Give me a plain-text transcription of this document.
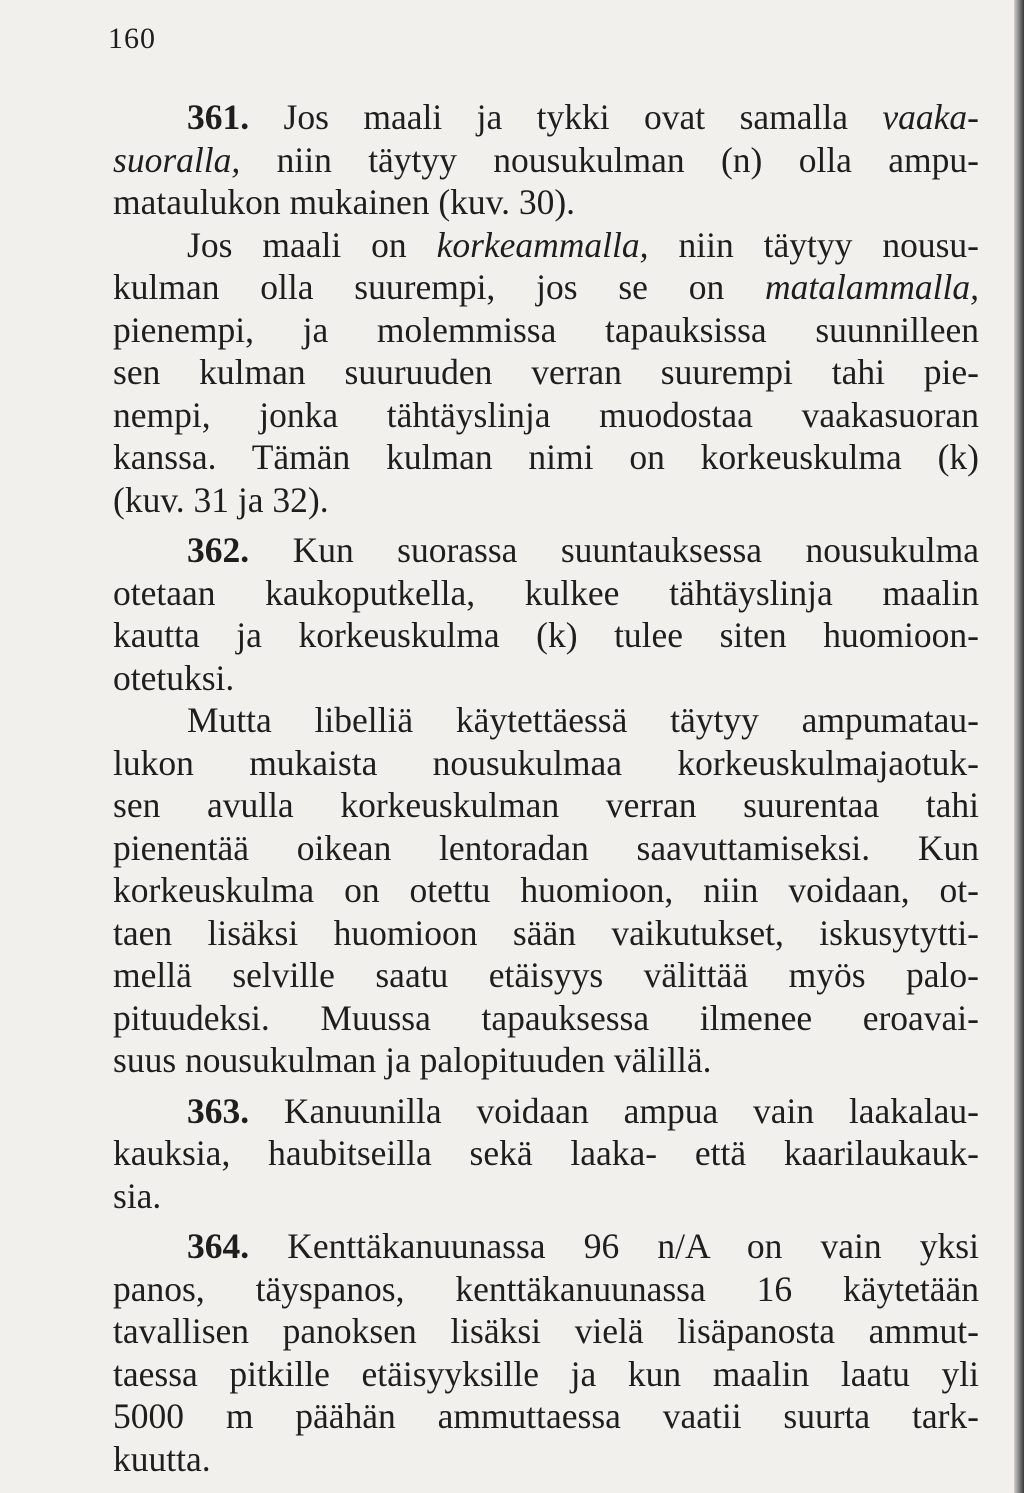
160
361. Jos maali ja tykki ovat samalla vaaka-
suoralla, niin täytyy nousukulman (n) olla ampu-
mataulukon mukainen (kuv. 30).
Jos maali on korkeammalla, niin täytyy nousu-
kulman olla suurempi, jos se on matalammalla,
pienempi, ja molemmissa tapauksissa suunnilleen
sen kulman suuruuden verran suurempi tahi pie-
nempi, jonka tähtäyslinja muodostaa vaakasuoran
kanssa. Tämän kulman nimi on korkeuskulma (k)
(kuv. 31 ja 32).
362. Kun suorassa suuntauksessa nousukulma
otetaan kaukoputkella, kulkee tähtäyslinja maalin
kautta ja korkeuskulma (k) tulee siten huomioon-
otetuksi.
Mutta libelliä käytettäessä täytyy ampumatau-
lukon mukaista nousukulmaa korkeuskulmajaotuk-
sen avulla korkeuskulman verran suurentaa tahi
pienentää oikean lentoradan saavuttamiseksi. Kun
korkeuskulma on otettu huomioon, niin voidaan, ot-
taen lisäksi huomioon sään vaikutukset, iskusytytti-
mellä selville saatu etäisyys välittää myös palo-
pituudeksi. Muussa tapauksessa ilmenee eroavai-
suus nousukulman ja palopituuden välillä.
363. Kanuunilla voidaan ampua vain laakalau-
kauksia, haubitseilla sekä laaka- että kaarilaukauk-
sia.
364. Kenttäkanuunassa 96 n/A on vain yksi
panos, täyspanos, kenttäkanuunassa 16 käytetään
tavallisen panoksen lisäksi vielä lisäpanosta ammut-
taessa pitkille etäisyyksille ja kun maalin laatu yli
5000 m päähän ammuttaessa vaatii suurta tark-
kuutta.
